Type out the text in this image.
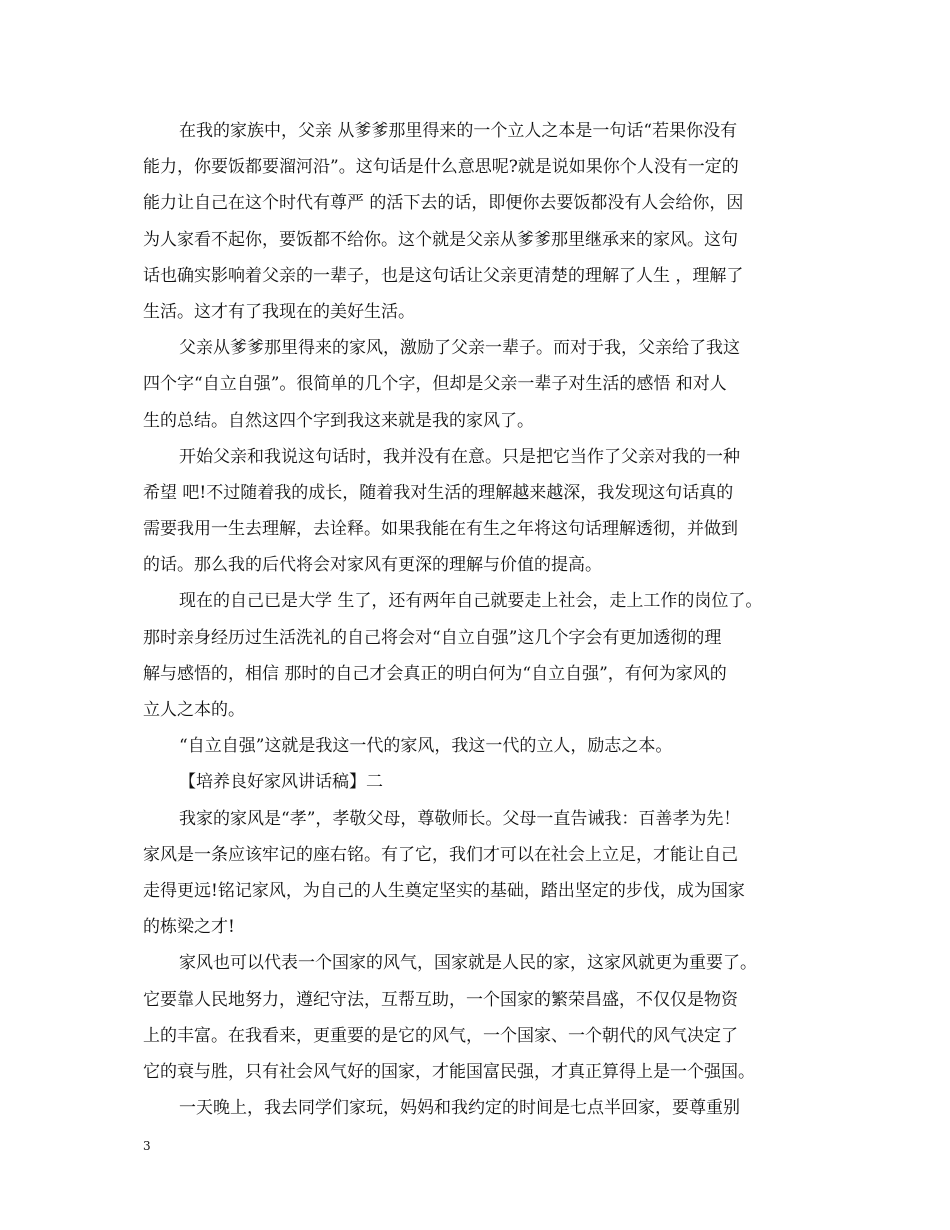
在我的家族中，父亲 从爹爹那里得来的一个立人之本是一句话“若果你没有
能力，你要饭都要溜河沿”。这句话是什么意思呢?就是说如果你个人没有一定的
能力让自己在这个时代有尊严 的活下去的话，即便你去要饭都没有人会给你，因
为人家看不起你，要饭都不给你。这个就是父亲从爹爹那里继承来的家风。这句
话也确实影响着父亲的一辈子，也是这句话让父亲更清楚的理解了人生 ，理解了
生活。这才有了我现在的美好生活。
父亲从爹爹那里得来的家风，激励了父亲一辈子。而对于我，父亲给了我这
四个字“自立自强”。很简单的几个字，但却是父亲一辈子对生活的感悟 和对人
生的总结。自然这四个字到我这来就是我的家风了。
开始父亲和我说这句话时，我并没有在意。只是把它当作了父亲对我的一种
希望 吧!不过随着我的成长，随着我对生活的理解越来越深，我发现这句话真的
需要我用一生去理解，去诠释。如果我能在有生之年将这句话理解透彻，并做到
的话。那么我的后代将会对家风有更深的理解与价值的提高。
现在的自己已是大学 生了，还有两年自己就要走上社会，走上工作的岗位了。
那时亲身经历过生活洗礼的自己将会对“自立自强”这几个字会有更加透彻的理
解与感悟的，相信 那时的自己才会真正的明白何为“自立自强”，有何为家风的
立人之本的。
“自立自强”这就是我这一代的家风，我这一代的立人，励志之本。
【培养良好家风讲话稿】二
我家的家风是“孝”，孝敬父母，尊敬师长。父母一直告诫我：百善孝为先！
家风是一条应该牢记的座右铭。有了它，我们才可以在社会上立足，才能让自己
走得更远!铭记家风，为自己的人生奠定坚实的基础，踏出坚定的步伐，成为国家
的栋梁之才!
家风也可以代表一个国家的风气，国家就是人民的家，这家风就更为重要了。
它要靠人民地努力，遵纪守法，互帮互助，一个国家的繁荣昌盛，不仅仅是物资
上的丰富。在我看来，更重要的是它的风气，一个国家、一个朝代的风气决定了
它的衰与胜，只有社会风气好的国家，才能国富民强，才真正算得上是一个强国。
一天晚上，我去同学们家玩，妈妈和我约定的时间是七点半回家，要尊重别
3
